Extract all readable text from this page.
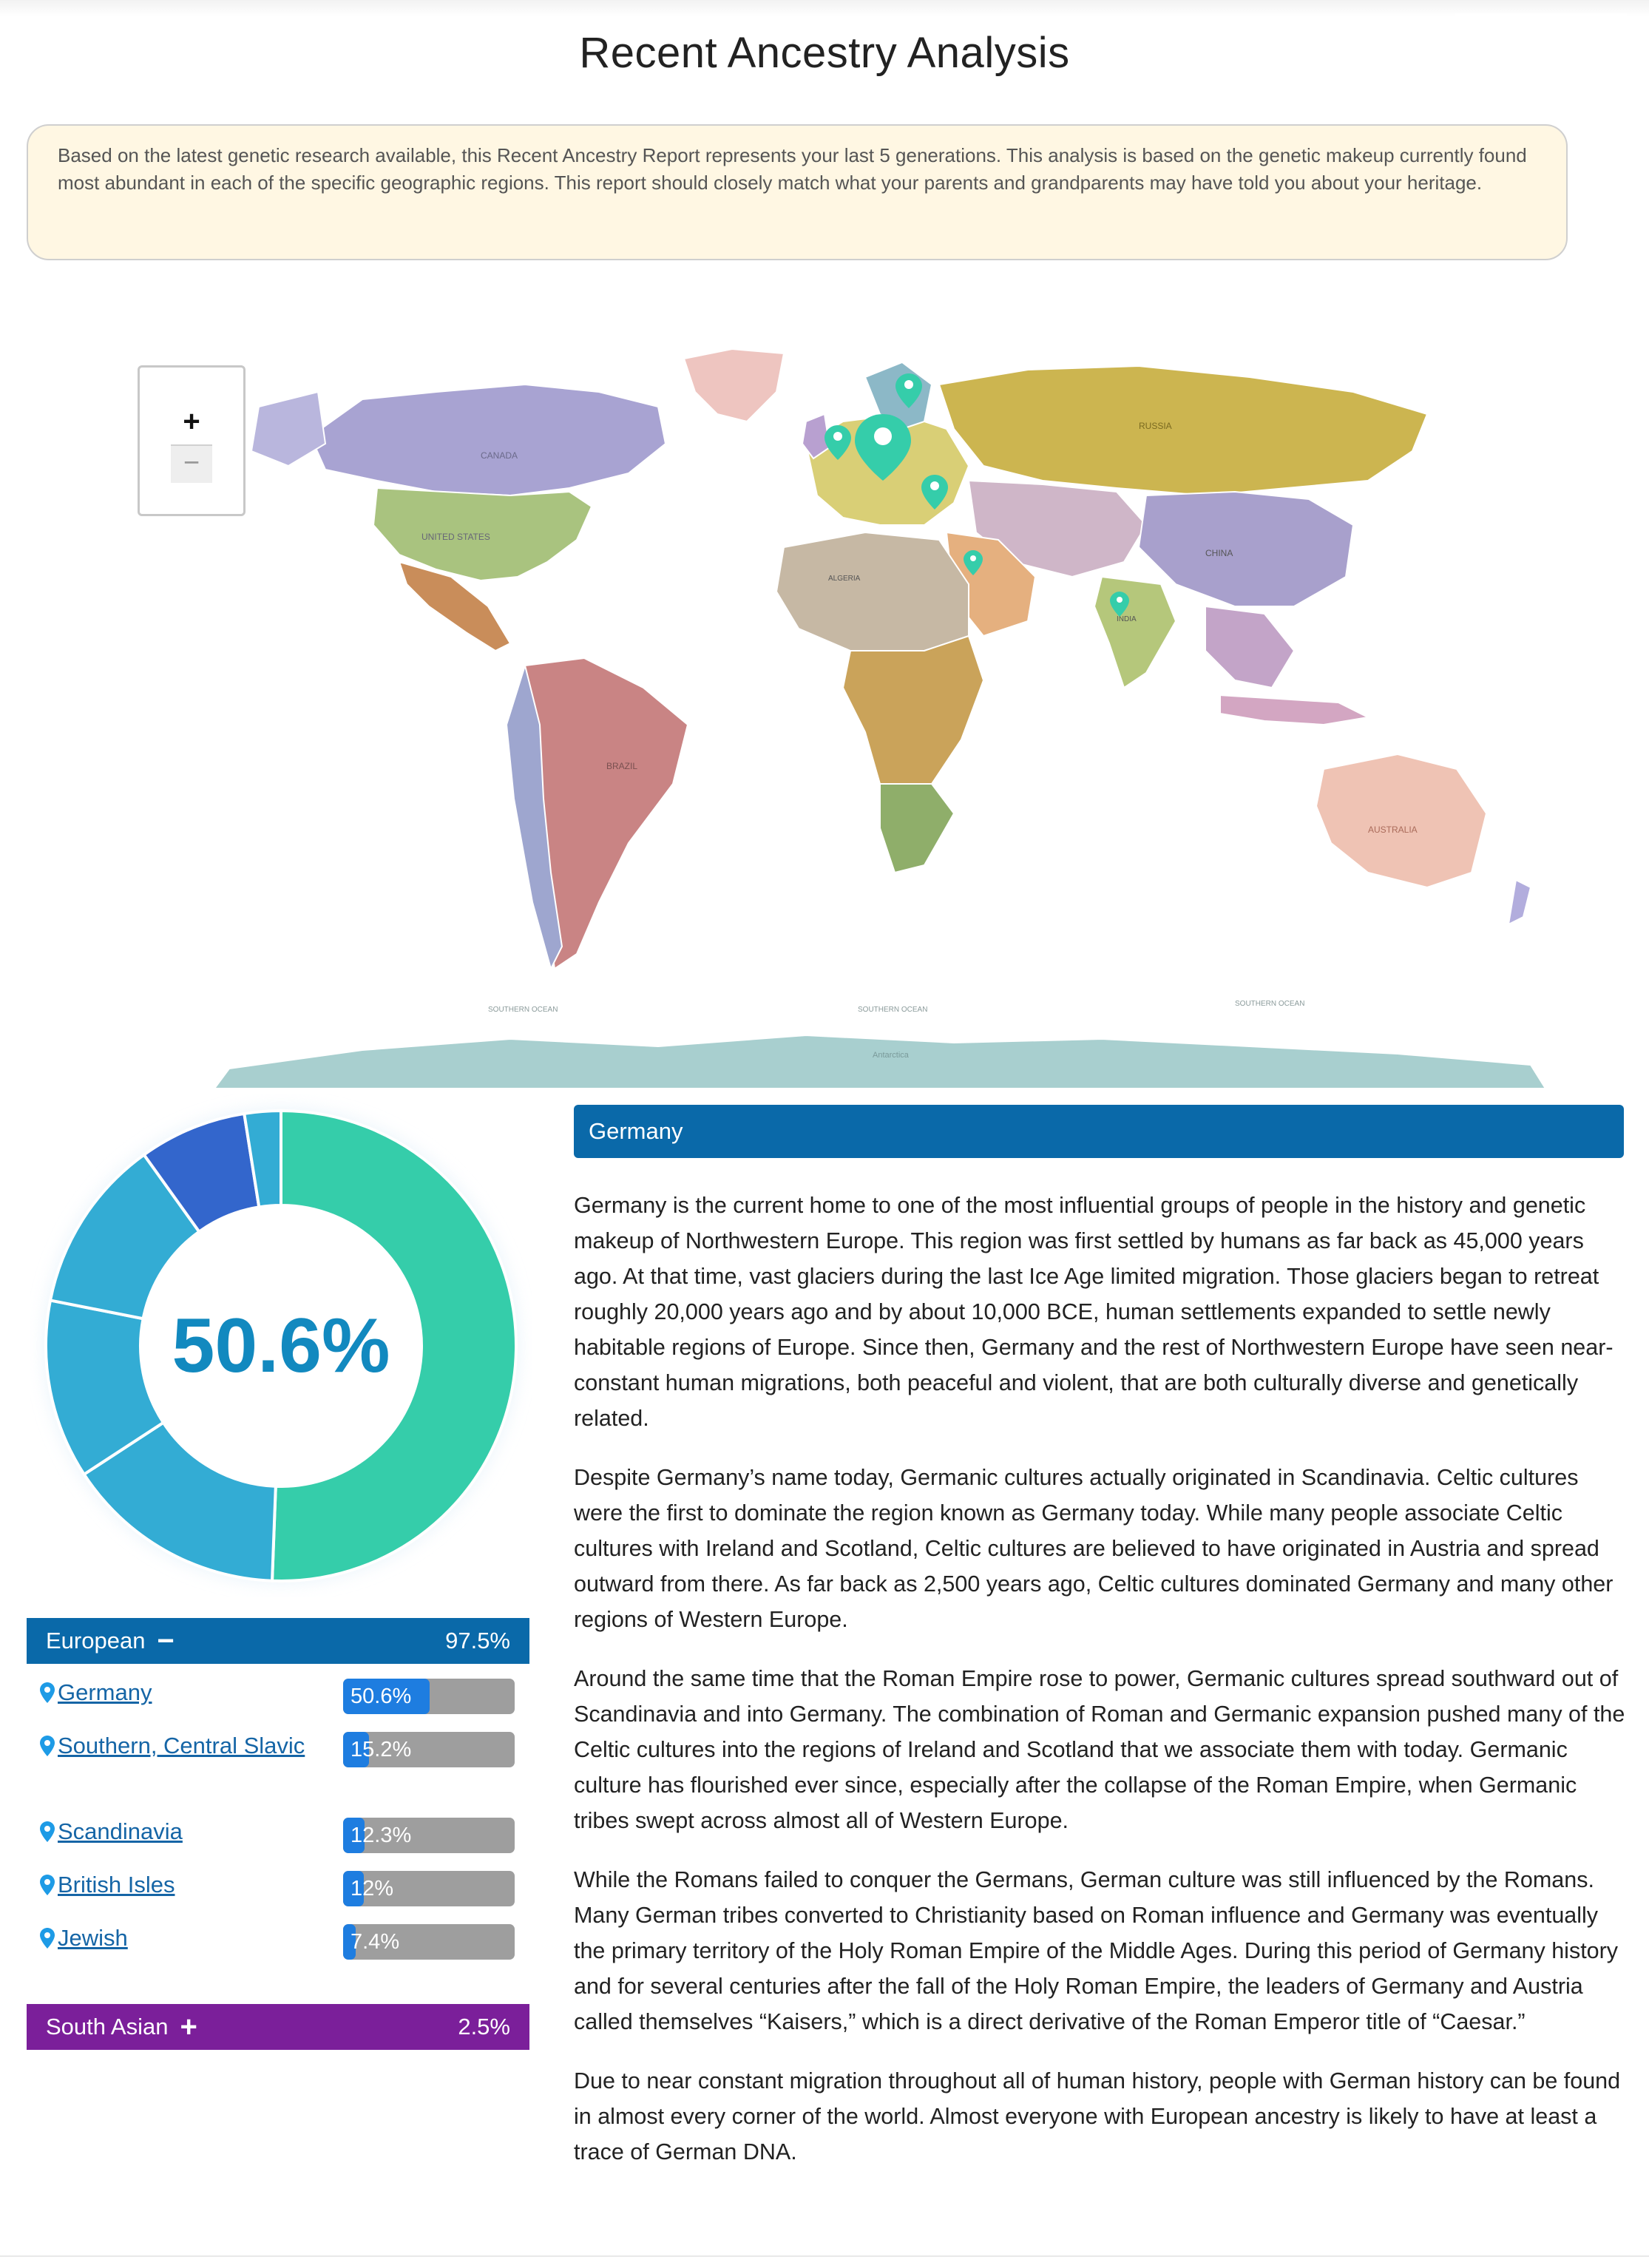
Recent Ancestry Analysis
Based on the latest genetic research available, this Recent Ancestry Report represents your last 5 generations. This analysis is based on the genetic makeup currently found most abundant in each of the specific geographic regions. This report should closely match what your parents and grandparents may have told you about your heritage.
CANADA
UNITED STATES
BRAZIL
RUSSIA
CHINA
INDIA
ALGERIA
AUSTRALIA
SOUTHERN OCEAN	SOUTHERN OCEAN
SOUTHERN OCEAN
Antarctica
+
−
50.6%
European −	97.5%
Germany	50.6%
Southern, Central Slavic	15.2%
Scandinavia	12.3%
British Isles	12%
Jewish	7.4%
South Asian +	2.5%
Germany

Germany is the current home to one of the most influential groups of people in the history and genetic makeup of Northwestern Europe. This region was first settled by humans as far back as 45,000 years ago. At that time, vast glaciers during the last Ice Age limited migration. Those glaciers began to retreat roughly 20,000 years ago and by about 10,000 BCE, human settlements expanded to settle newly habitable regions of Europe. Since then, Germany and the rest of Northwestern Europe have seen near-constant human migrations, both peaceful and violent, that are both culturally diverse and genetically related.

Despite Germany’s name today, Germanic cultures actually originated in Scandinavia. Celtic cultures were the first to dominate the region known as Germany today. While many people associate Celtic cultures with Ireland and Scotland, Celtic cultures are believed to have originated in Austria and spread outward from there. As far back as 2,500 years ago, Celtic cultures dominated Germany and many other regions of Western Europe.

Around the same time that the Roman Empire rose to power, Germanic cultures spread southward out of Scandinavia and into Germany. The combination of Roman and Germanic expansion pushed many of the Celtic cultures into the regions of Ireland and Scotland that we associate them with today. Germanic culture has flourished ever since, especially after the collapse of the Roman Empire, when Germanic tribes swept across almost all of Western Europe.

While the Romans failed to conquer the Germans, German culture was still influenced by the Romans. Many German tribes converted to Christianity based on Roman influence and Germany was eventually the primary territory of the Holy Roman Empire of the Middle Ages. During this period of Germany history and for several centuries after the fall of the Holy Roman Empire, the leaders of Germany and Austria called themselves “Kaisers,” which is a direct derivative of the Roman Emperor title of “Caesar.”

Due to near constant migration throughout all of human history, people with German history can be found in almost every corner of the world. Almost everyone with European ancestry is likely to have at least a trace of German DNA.
